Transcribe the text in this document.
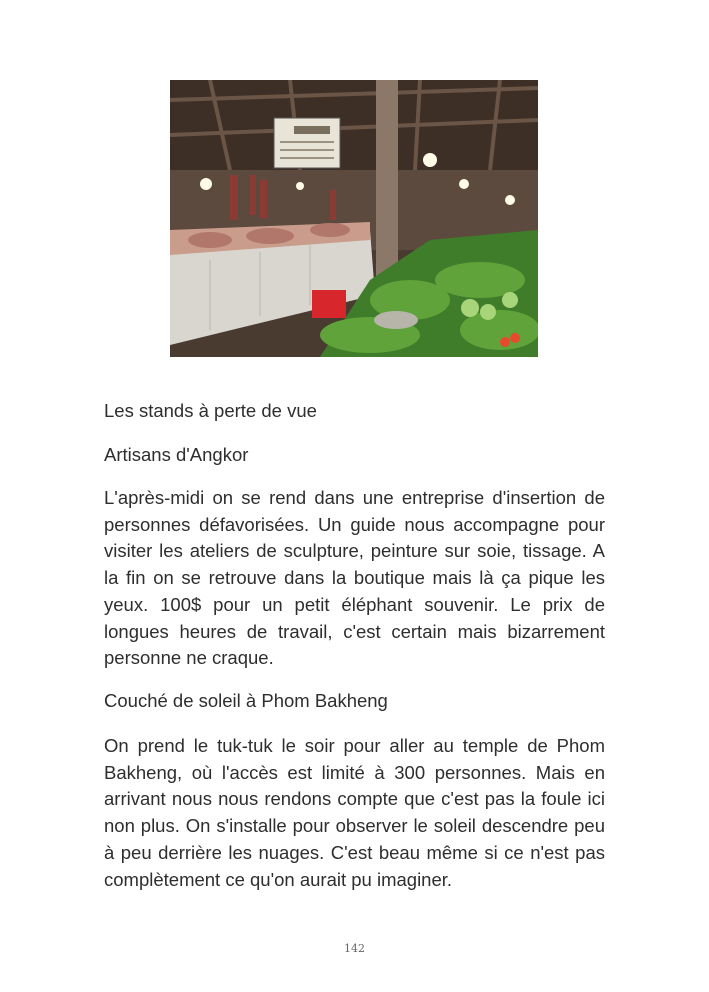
Les stands à perte de vue

Artisans d'Angkor

L'après-midi on se rend dans une entreprise d'insertion de personnes défavorisées. Un guide nous accompagne pour visiter les ateliers de sculpture, peinture sur soie, tissage. A la fin on se retrouve dans la boutique mais là ça pique les yeux. 100$ pour un petit éléphant souvenir. Le prix de longues heures de travail, c'est certain mais bizarrement personne ne craque.

Couché de soleil à Phom Bakheng

On prend le tuk-tuk le soir pour aller au temple de Phom Bakheng, où l'accès est limité à 300 personnes. Mais en arrivant nous nous rendons compte que c'est pas la foule ici non plus. On s'installe pour observer le soleil descendre peu à peu derrière les nuages. C'est beau même si ce n'est pas complètement ce qu'on aurait pu imaginer.

142
